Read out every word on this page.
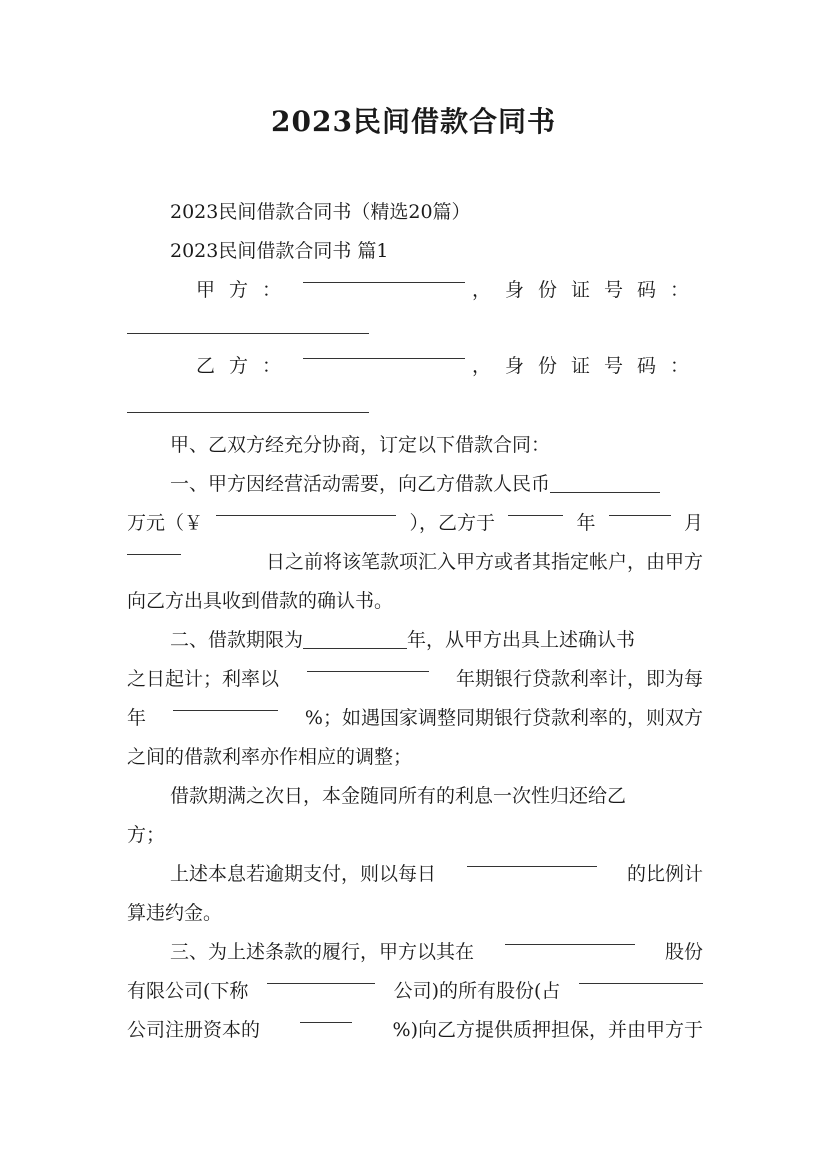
2023民间借款合同书
2023民间借款合同书（精选20篇）
2023民间借款合同书 篇1
甲方：	，身份证号码：
乙方：	，身份证号码：
甲、乙双方经充分协商，订定以下借款合同：
一、甲方因经营活动需要，向乙方借款人民币
万元（￥	），乙方于	年	月
日之前将该笔款项汇入甲方或者其指定帐户，由甲方
向乙方出具收到借款的确认书。
二、借款期限为	年，从甲方出具上述确认书
之日起计；利率以	年期银行贷款利率计，即为每
年	%；如遇国家调整同期银行贷款利率的，则双方
之间的借款利率亦作相应的调整；
借款期满之次日，本金随同所有的利息一次性归还给乙
方；
上述本息若逾期支付，则以每日	的比例计
算违约金。
三、为上述条款的履行，甲方以其在	股份
有限公司(下称	公司)的所有股份(占
公司注册资本的	%)向乙方提供质押担保，并由甲方于
